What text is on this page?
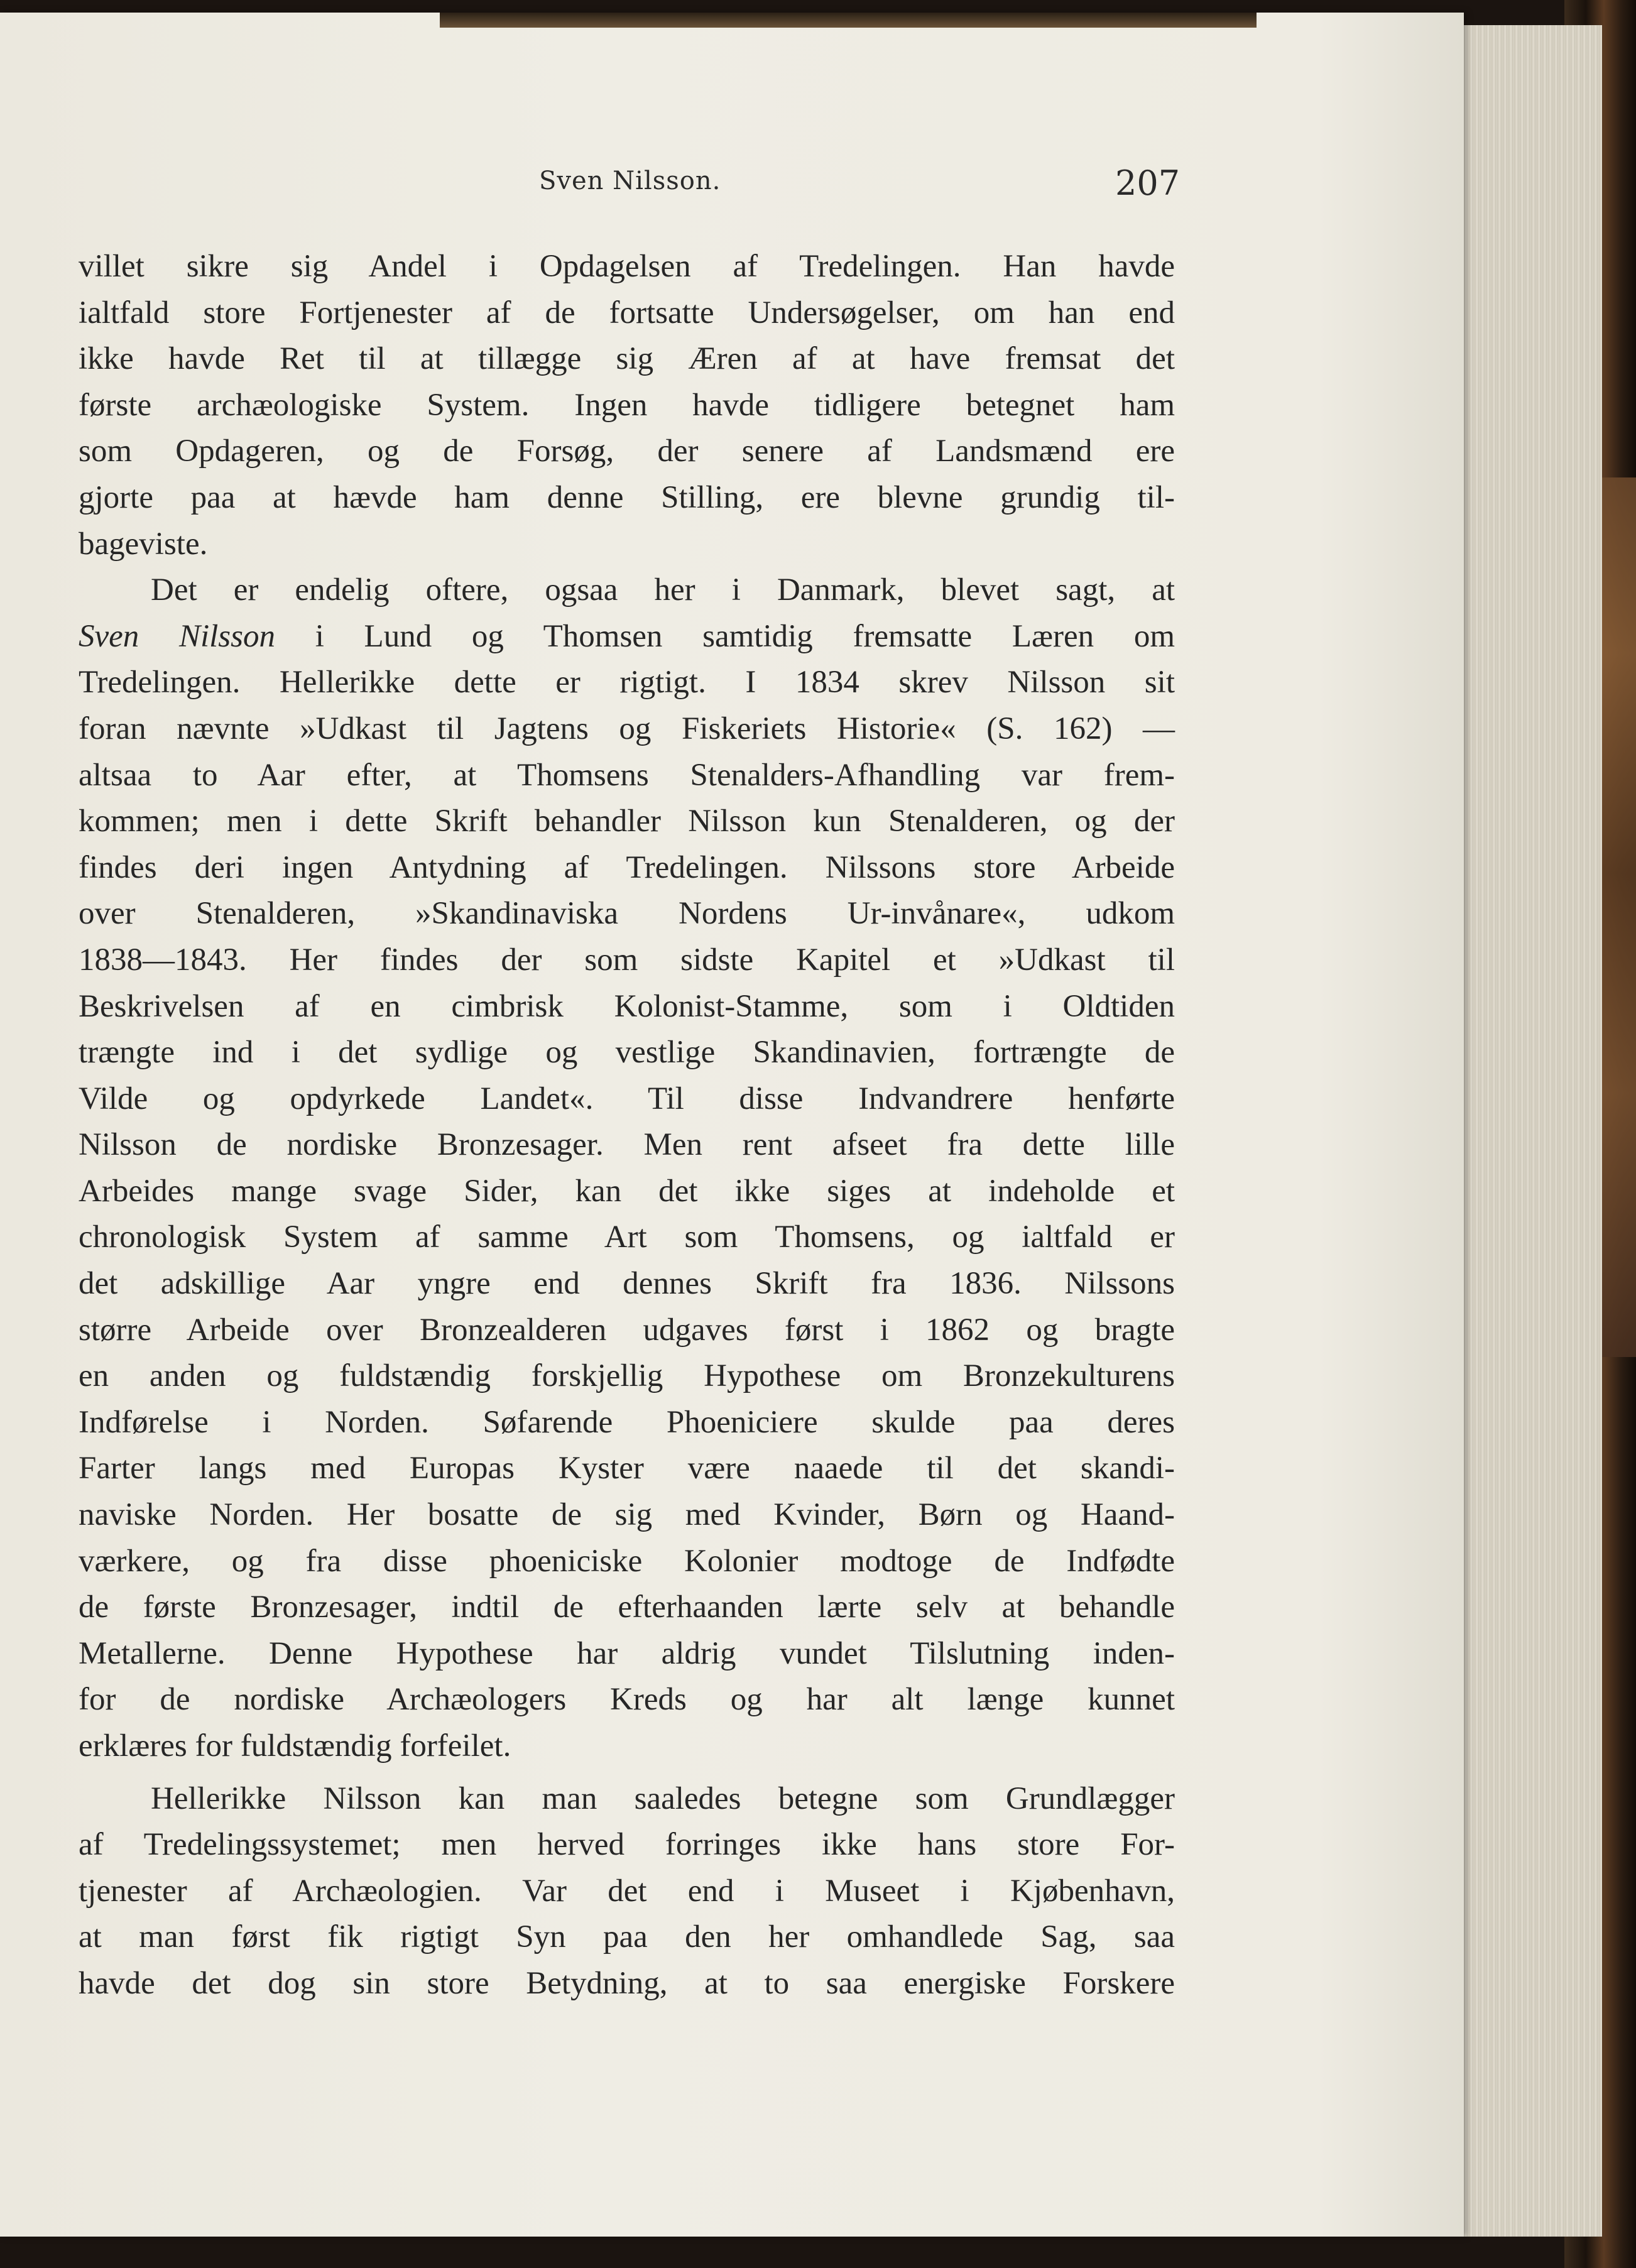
Sven Nilsson.	207
villet sikre sig Andel i Opdagelsen af Tredelingen. Han havde
ialtfald store Fortjenester af de fortsatte Undersøgelser, om han end
ikke havde Ret til at tillægge sig Æren af at have fremsat det
første archæologiske System. Ingen havde tidligere betegnet ham
som Opdageren, og de Forsøg, der senere af Landsmænd ere
gjorte paa at hævde ham denne Stilling, ere blevne grundig til-
bageviste.
Det er endelig oftere, ogsaa her i Danmark, blevet sagt, at
Sven Nilsson i Lund og Thomsen samtidig fremsatte Læren om
Tredelingen. Hellerikke dette er rigtigt. I 1834 skrev Nilsson sit
foran nævnte »Udkast til Jagtens og Fiskeriets Historie« (S. 162) —
altsaa to Aar efter, at Thomsens Stenalders-Afhandling var frem-
kommen; men i dette Skrift behandler Nilsson kun Stenalderen, og der
findes deri ingen Antydning af Tredelingen. Nilssons store Arbeide
over Stenalderen, »Skandinaviska Nordens Ur-invånare«, udkom
1838—1843. Her findes der som sidste Kapitel et »Udkast til
Beskrivelsen af en cimbrisk Kolonist-Stamme, som i Oldtiden
trængte ind i det sydlige og vestlige Skandinavien, fortrængte de
Vilde og opdyrkede Landet«. Til disse Indvandrere henførte
Nilsson de nordiske Bronzesager. Men rent afseet fra dette lille
Arbeides mange svage Sider, kan det ikke siges at indeholde et
chronologisk System af samme Art som Thomsens, og ialtfald er
det adskillige Aar yngre end dennes Skrift fra 1836. Nilssons
større Arbeide over Bronzealderen udgaves først i 1862 og bragte
en anden og fuldstændig forskjellig Hypothese om Bronzekulturens
Indførelse i Norden. Søfarende Phoeniciere skulde paa deres
Farter langs med Europas Kyster være naaede til det skandi-
naviske Norden. Her bosatte de sig med Kvinder, Børn og Haand-
værkere, og fra disse phoeniciske Kolonier modtoge de Indfødte
de første Bronzesager, indtil de efterhaanden lærte selv at behandle
Metallerne. Denne Hypothese har aldrig vundet Tilslutning inden-
for de nordiske Archæologers Kreds og har alt længe kunnet
erklæres for fuldstændig forfeilet.
Hellerikke Nilsson kan man saaledes betegne som Grundlægger
af Tredelingssystemet; men herved forringes ikke hans store For-
tjenester af Archæologien. Var det end i Museet i Kjøbenhavn,
at man først fik rigtigt Syn paa den her omhandlede Sag, saa
havde det dog sin store Betydning, at to saa energiske Forskere
